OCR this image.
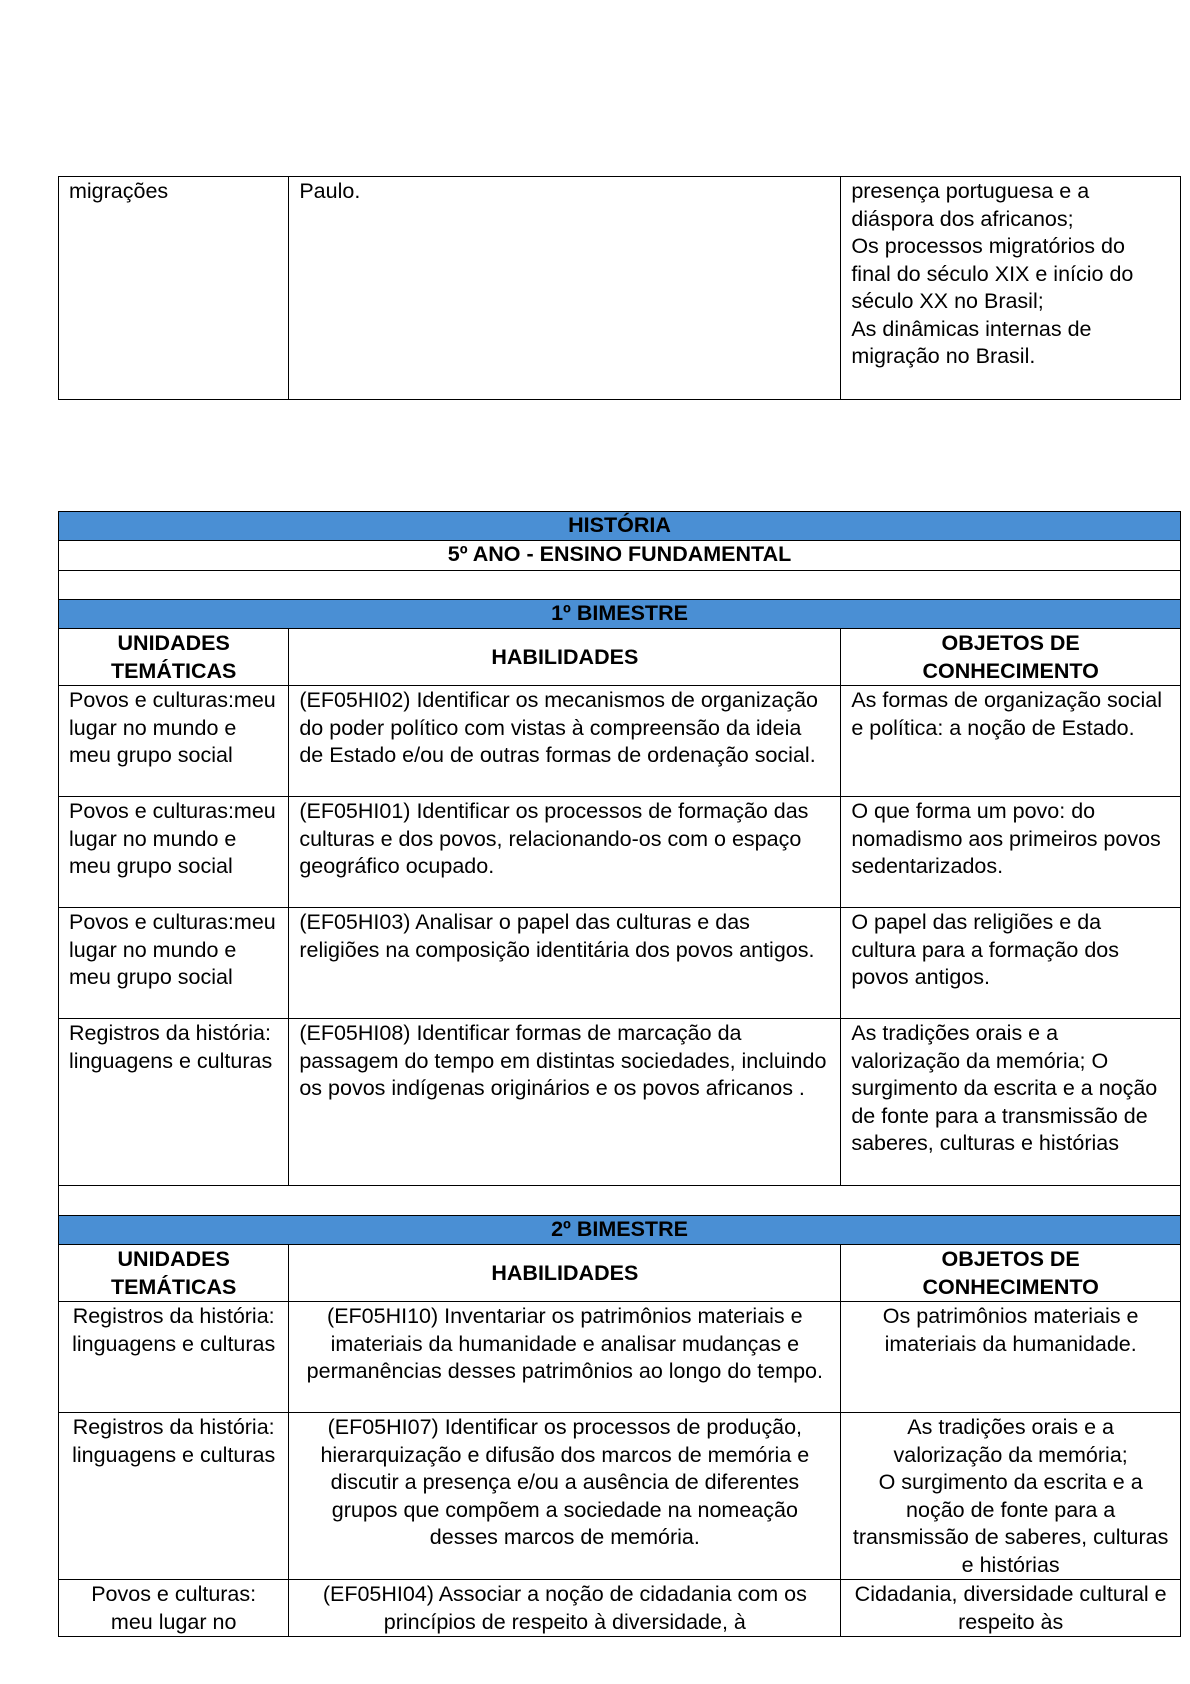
migrações	Paulo.	presença portuguesa e a diáspora dos africanos;
Os processos migratórios do final do século XIX e início do século XX no Brasil;
As dinâmicas internas de migração no Brasil.
HISTÓRIA		
5º ANO - ENSINO FUNDAMENTAL		

1º BIMESTRE		
UNIDADES TEMÁTICAS	HABILIDADES	OBJETOS DE CONHECIMENTO
Povos e culturas:meu lugar no mundo e meu grupo social	(EF05HI02) Identificar os mecanismos de organização do poder político com vistas à compreensão da ideia de Estado e/ou de outras formas de ordenação social.	As formas de organização social e política: a noção de Estado.
Povos e culturas:meu lugar no mundo e meu grupo social	(EF05HI01) Identificar os processos de formação das culturas e dos povos, relacionando-os com o espaço geográfico ocupado.	O que forma um povo: do nomadismo aos primeiros povos sedentarizados.
Povos e culturas:meu lugar no mundo e meu grupo social	(EF05HI03) Analisar o papel das culturas e das religiões na composição identitária dos povos antigos.	O papel das religiões e da cultura para a formação dos povos antigos.
Registros da história: linguagens e culturas	(EF05HI08) Identificar formas de marcação da passagem do tempo em distintas sociedades, incluindo os povos indígenas originários e os povos africanos .	As tradições orais e a valorização da memória; O surgimento da escrita e a noção de fonte para a transmissão de saberes, culturas e histórias

2º BIMESTRE		
UNIDADES TEMÁTICAS	HABILIDADES	OBJETOS DE CONHECIMENTO
Registros da história: linguagens e culturas	(EF05HI10) Inventariar os patrimônios materiais e imateriais da humanidade e analisar mudanças e permanências desses patrimônios ao longo do tempo.	Os patrimônios materiais e imateriais da humanidade.
Registros da história: linguagens e culturas	(EF05HI07) Identificar os processos de produção, hierarquização e difusão dos marcos de memória e discutir a presença e/ou a ausência de diferentes grupos que compõem a sociedade na nomeação desses marcos de memória.	As tradições orais e a valorização da memória;
O surgimento da escrita e a noção de fonte para a transmissão de saberes, culturas e histórias
Povos e culturas: meu lugar no	(EF05HI04) Associar a noção de cidadania com os princípios de respeito à diversidade, à	Cidadania, diversidade cultural e respeito às
